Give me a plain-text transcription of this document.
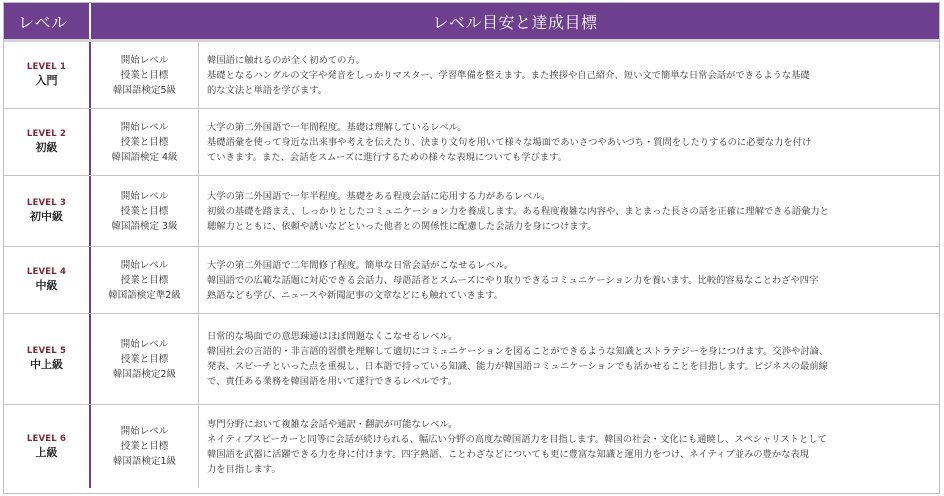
レベル	レベル目安と達成目標
LEVEL 1
入門
開始レベル
授業と目標
韓国語検定5級
韓国語に触れるのが全く初めての方。
基礎となるハングルの文字や発音をしっかりマスター、学習準備を整えます。また挨拶や自己紹介、短い文で簡単な日常会話ができるような基礎
的な文法と単語を学びます。
LEVEL 2
初級
開始レベル
授業と目標
韓国語検定 4級
大学の第二外国語で一年間程度。基礎は理解しているレベル。
基礎語彙を使って身近な出来事や考えを伝えたり、決まり文句を用いて様々な場面であいさつやあいづち・質問をしたりするのに必要な力を付け
ていきます。また、会話をスムーズに進行するための様々な表現についても学びます。
LEVEL 3
初中級
開始レベル
授業と目標
韓国語検定 3級
大学の第二外国語で一年半程度。基礎をある程度会話に応用する力があるレベル。
初級の基礎を踏まえ、しっかりとしたコミュニケーション力を養成します。ある程度複雑な内容や、まとまった長さの話を正確に理解できる語彙力と
聴解力とともに、依頼や誘いなどといった他者との関係性に配慮した会話力を身につけます。
LEVEL 4
中級
開始レベル
授業と目標
韓国語検定準2級
大学の第二外国語で二年間修了程度。簡単な日常会話がこなせるレベル。
韓国語での広範な話題に対応できる会話力、母語話者とスムーズにやり取りできるコミュニケーション力を養います。比較的容易なことわざや四字
熟語なども学び、ニュースや新聞記事の文章などにも触れていきます。
LEVEL 5
中上級
開始レベル
授業と目標
韓国語検定2級
日常的な場面での意思疎通はほぼ問題なくこなせるレベル。
韓国社会の言語的・非言語的習慣を理解して適切にコミュニケーションを図ることができるような知識とストラテジーを身につけます。交渉や討論、
発表、スピーチといった点を重視し、日本語で持っている知識、能力が韓国語コミュニケーションでも活かせることを目指します。ビジネスの最前線
で、責任ある業務を韓国語を用いて遂行できるレベルです。
LEVEL 6
上級
開始レベル
授業と目標
韓国語検定1級
専門分野において複雑な会話や通訳・翻訳が可能なレベル。
ネイティブスピーカーと同等に会話が続けられる、幅広い分野の高度な韓国語力を目指します。韓国の社会・文化にも通暁し、スペシャリストとして
韓国語を武器に活躍できる力を身に付けます。四字熟語、ことわざなどについても更に豊富な知識と運用力をつけ、ネイティブ並みの豊かな表現
力を目指します。
